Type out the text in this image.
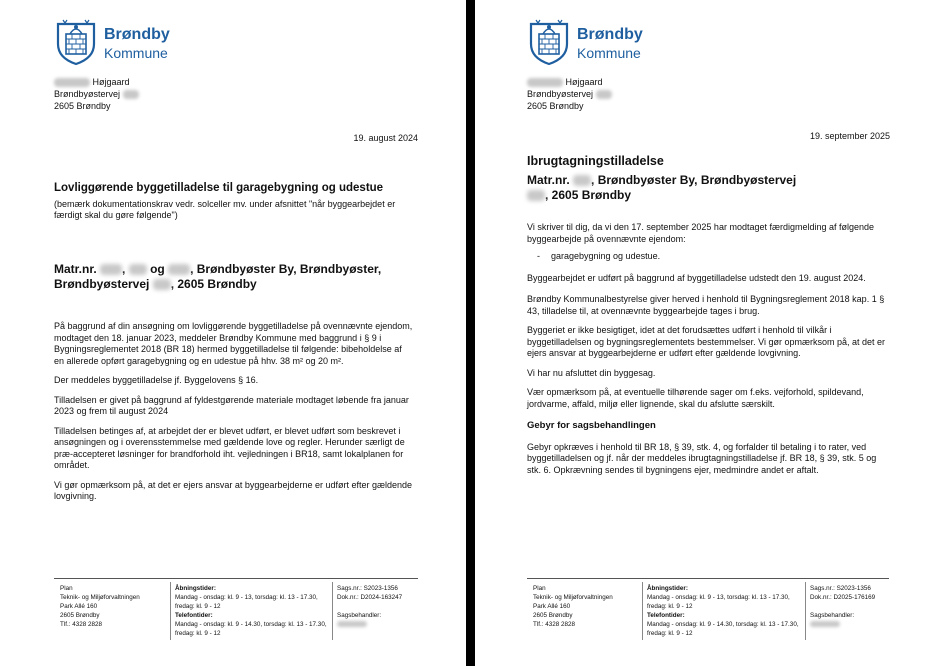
Brøndby
Kommune
Højgaard
Brøndbyøstervej
2605 Brøndby
19. august 2024
Lovliggørende byggetilladelse til garagebygning og udestue
(bemærk dokumentationskrav vedr. solceller mv. under afsnittet "når byggearbejdet er færdigt skal du gøre følgende")
Matr.nr. , og , Brøndbyøster By, Brøndbyøster,
Brøndbyøstervej , 2605 Brøndby
På baggrund af din ansøgning om lovliggørende byggetilladelse på ovennævnte ejendom, modtaget den 18. januar 2023, meddeler Brøndby Kommune med baggrund i § 9 i Bygningsreglementet 2018 (BR 18) hermed byggetilladelse til følgende: bibeholdelse af en allerede opført garagebygning og en udestue på hhv. 38 m² og 20 m².
Der meddeles byggetilladelse jf. Byggelovens § 16.
Tilladelsen er givet på baggrund af fyldestgørende materiale modtaget løbende fra januar 2023 og frem til august 2024
Tilladelsen betinges af, at arbejdet der er blevet udført, er blevet udført som beskrevet i ansøgningen og i overensstemmelse med gældende love og regler. Herunder særligt de præ-accepteret løsninger for brandforhold iht. vejledningen i BR18, samt lokalplanen for området.
Vi gør opmærksom på, at det er ejers ansvar at byggearbejderne er udført efter gældende lovgivning.
Plan
Teknik- og Miljøforvaltningen
Park Allé 160
2605 Brøndby
Tlf.: 4328 2828
Åbningstider:
Mandag - onsdag: kl. 9 - 13, torsdag: kl. 13 - 17.30,
fredag: kl. 9 - 12
Telefontider:
Mandag - onsdag: kl. 9 - 14.30, torsdag: kl. 13 - 17.30,
fredag: kl. 9 - 12
Sags.nr.: S2023-1356
Dok.nr.: D2024-163247
Sagsbehandler:
Brøndby
Kommune
Højgaard
Brøndbyøstervej
2605 Brøndby
19. september 2025
Ibrugtagningstilladelse
Matr.nr. , Brøndbyøster By, Brøndbyøstervej
, 2605 Brøndby
Vi skriver til dig, da vi den 17. september 2025 har modtaget færdigmelding af følgende byggearbejde på ovennævnte ejendom:
- garagebygning og udestue.
Byggearbejdet er udført på baggrund af byggetilladelse udstedt den 19. august 2024.
Brøndby Kommunalbestyrelse giver herved i henhold til Bygningsreglement 2018 kap. 1 § 43, tilladelse til, at ovennævnte byggearbejde tages i brug.
Byggeriet er ikke besigtiget, idet at det forudsættes udført i henhold til vilkår i byggetilladelsen og bygningsreglementets bestemmelser. Vi gør opmærksom på, at det er ejers ansvar at byggearbejderne er udført efter gældende lovgivning.
Vi har nu afsluttet din byggesag.
Vær opmærksom på, at eventuelle tilhørende sager om f.eks. vejforhold, spildevand, jordvarme, affald, miljø eller lignende, skal du afslutte særskilt.
Gebyr for sagsbehandlingen
Gebyr opkræves i henhold til BR 18, § 39, stk. 4, og forfalder til betaling i to rater, ved byggetilladelsen og jf. når der meddeles ibrugtagningstilladelse jf. BR 18, § 39, stk. 5 og stk. 6. Opkrævning sendes til bygningens ejer, medmindre andet er aftalt.
Plan
Teknik- og Miljøforvaltningen
Park Allé 160
2605 Brøndby
Tlf.: 4328 2828
Åbningstider:
Mandag - onsdag: kl. 9 - 13, torsdag: kl. 13 - 17.30,
fredag: kl. 9 - 12
Telefontider:
Mandag - onsdag: kl. 9 - 14.30, torsdag: kl. 13 - 17.30,
fredag: kl. 9 - 12
Sags.nr.: S2023-1356
Dok.nr.: D2025-176169
Sagsbehandler:
